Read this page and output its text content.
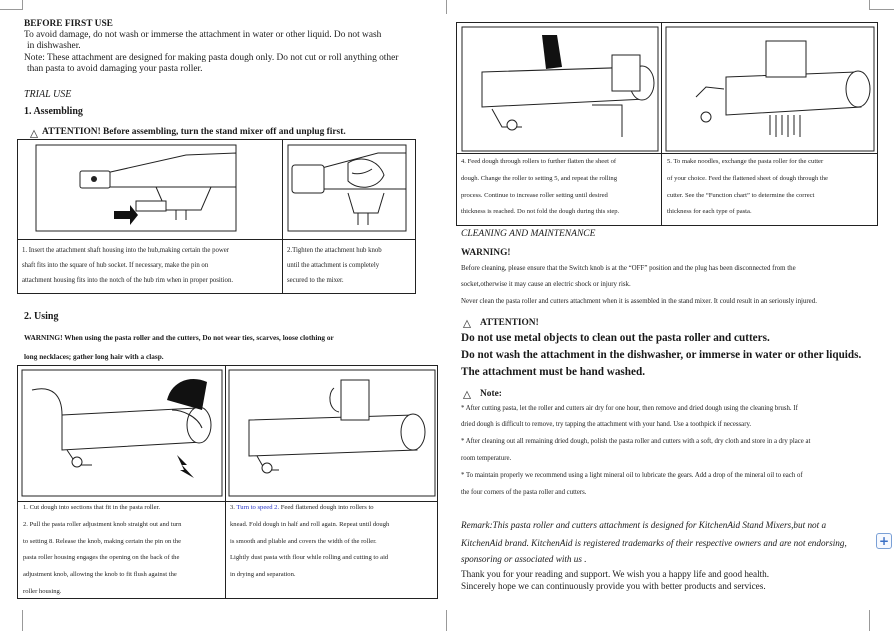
BEFORE FIRST USE
To avoid damage, do not wash or immerse the attachment in water or other liquid. Do not wash
in dishwasher.
Note: These attachment are designed for making pasta dough only. Do not cut or roll anything other
than pasta to avoid damaging your pasta roller.
TRIAL USE
1. Assembling
ATTENTION! Before assembling, turn the stand mixer off and unplug first.
1. Insert the attachment shaft housing into the hub,making certain the power
shaft fits into the square of hub socket. If necessary, make the pin on
attachment housing fits into the notch of the hub rim when in proper position.
2.Tighten the attachment hub knob
until the attachment is completely
secured to the mixer.
2. Using
WARNING! When using the pasta roller and the cutters, Do not wear ties, scarves, loose clothing or
long necklaces; gather long hair with a clasp.
1. Cut dough into sections that fit in the pasta roller.
2. Pull the pasta roller adjustment knob straight out and turn
to setting 8. Release the knob, making certain the pin on the
pasta roller housing engages the opening on the back of the
adjustment knob, allowing the knob to fit flush against the
roller housing.
3. Turn to speed 2. Feed flattened dough into rollers to
knead. Fold dough in half and roll again. Repeat until dough
is smooth and pliable and covers the width of the roller.
Lightly dust pasta with flour while rolling and cutting to aid
in drying and separation.
4. Feed dough through rollers to further flatten the sheet of
dough. Change the roller to setting 5, and repeat the rolling
process. Continue to increase roller setting until desired
thickness is reached. Do not fold the dough during this step.
5. To make noodles, exchange the pasta roller for the cutter
of your choice. Feed the flattened sheet of dough through the
cutter. See the “Function chart” to determine the correct
thickness for each type of pasta.
CLEANING AND MAINTENANCE
WARNING!
Before cleaning, please ensure that the Switch knob is at the “OFF” position and the plug has been disconnected from the
socket,otherwise it may cause an electric shock or injury risk.
Never clean the pasta roller and cutters attachment when it is assembled in the stand mixer. It could result in an seriously injured.
ATTENTION!
Do not use metal objects to clean out the pasta roller and cutters.
Do not wash the attachment in the dishwasher, or immerse in water or other liquids.
The attachment must be hand washed.
Note:
* After cutting pasta, let the roller and cutters air dry for one hour, then remove and dried dough using the cleaning brush. If
dried dough is difficult to remove, try tapping the attachment with your hand. Use a toothpick if necessary.
* After cleaning out all remaining dried dough, polish the pasta roller and cutters with a soft, dry cloth and store in a dry place at
room temperature.
* To maintain properly we recommend using a light mineral oil to lubricate the gears. Add a drop of the mineral oil to each of
the four corners of the pasta roller and cutters.
Remark:This pasta roller and cutters attachment is designed for KitchenAid Stand Mixers,but not a
KitchenAid brand. KitchenAid is registered trademarks of their respective owners and are not endorsing,
sponsoring or associated with us .
Thank you for your reading and support. We wish you a happy life and good health.
Sincerely hope we can continuously provide you with better products and services.
+
